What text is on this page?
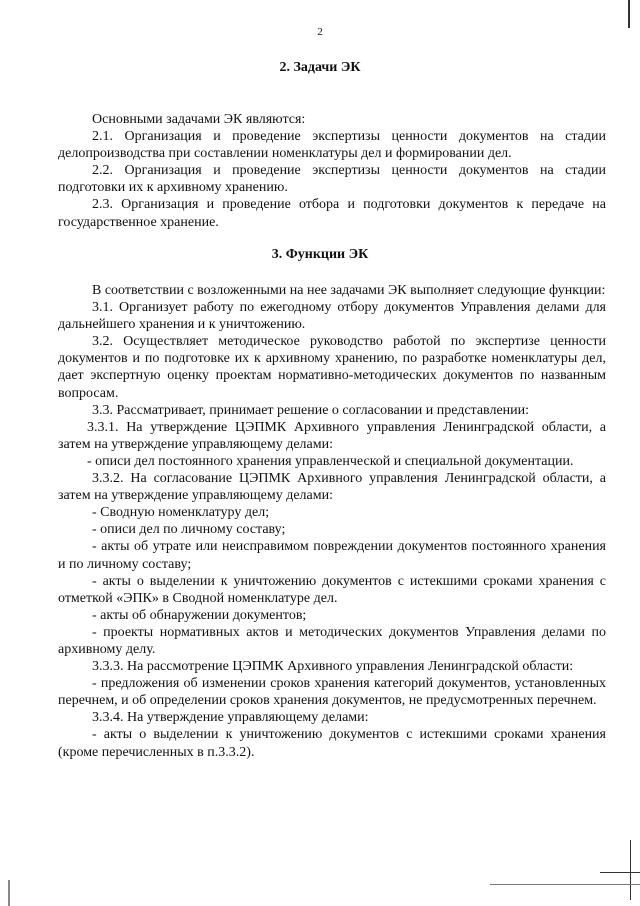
2
2. Задачи ЭК

Основными задачами ЭК являются:

2.1. Организация и проведение экспертизы ценности документов на стадии делопроизводства при составлении номенклатуры дел и формировании дел.

2.2. Организация и проведение экспертизы ценности документов на стадии подготовки их к архивному хранению.

2.3. Организация и проведение отбора и подготовки документов к передаче на государственное хранение.

3. Функции ЭК

В соответствии с возложенными на нее задачами ЭК выполняет следующие функции:

3.1. Организует работу по ежегодному отбору документов Управления делами для дальнейшего хранения и к уничтожению.

3.2. Осуществляет методическое руководство работой по экспертизе ценности документов и по подготовке их к архивному хранению, по разработке номенклатуры дел, дает экспертную оценку проектам нормативно-методических документов по названным вопросам.

3.3. Рассматривает, принимает решение о согласовании и представлении:

3.3.1. На утверждение ЦЭПМК Архивного управления Ленинградской области, а затем на утверждение управляющему делами:

- описи дел постоянного хранения управленческой и специальной документации.

3.3.2. На согласование ЦЭПМК Архивного управления Ленинградской области, а затем на утверждение управляющему делами:

- Сводную номенклатуру дел;

- описи дел по личному составу;

- акты об утрате или неисправимом повреждении документов постоянного хранения и по личному составу;

- акты о выделении к уничтожению документов с истекшими сроками хранения с отметкой «ЭПК» в Сводной номенклатуре дел.

- акты об обнаружении документов;

- проекты нормативных актов и методических документов Управления делами по архивному делу.

3.3.3. На рассмотрение ЦЭПМК Архивного управления Ленинградской области:

- предложения об изменении сроков хранения категорий документов, установленных перечнем, и об определении сроков хранения документов, не предусмотренных перечнем.

3.3.4. На утверждение управляющему делами:

- акты о выделении к уничтожению документов с истекшими сроками хранения (кроме перечисленных в п.3.3.2).
